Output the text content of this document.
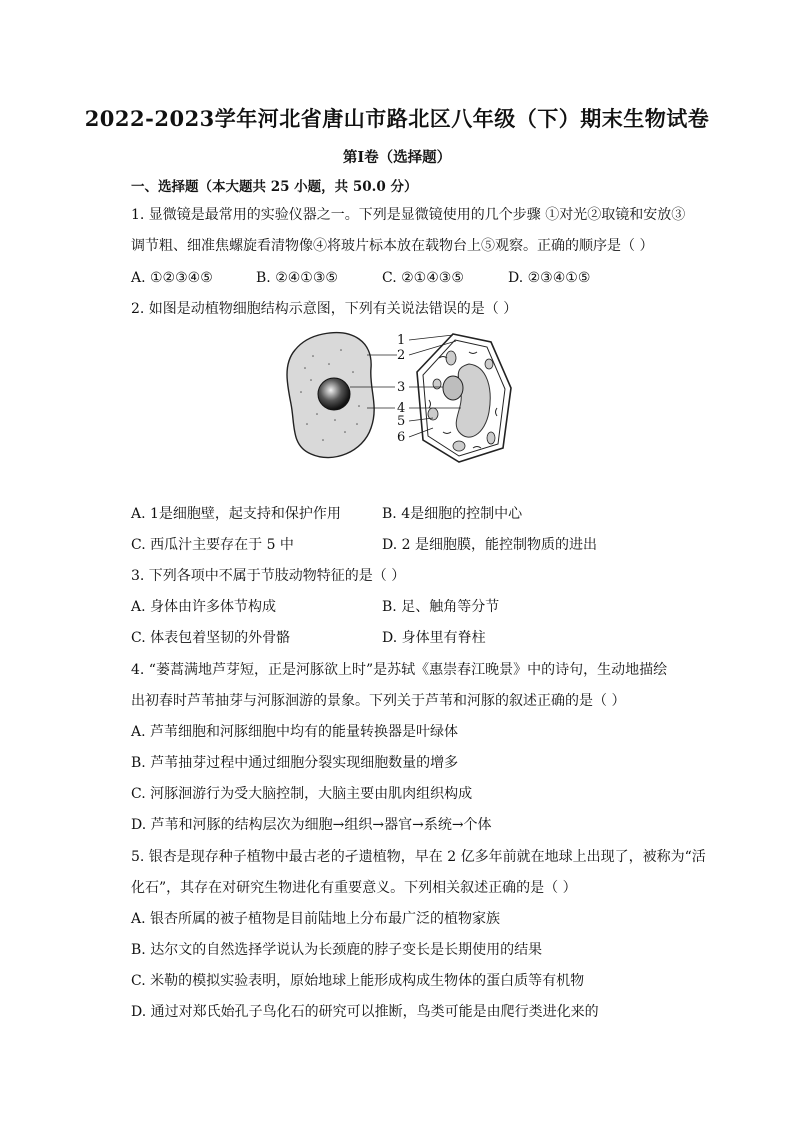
2022-2023学年河北省唐山市路北区八年级（下）期末生物试卷
第Ⅰ卷（选择题）
一、选择题（本大题共 25 小题，共 50.0 分）
1. 显微镜是最常用的实验仪器之一。下列是显微镜使用的几个步骤 ①对光②取镜和安放③
调节粗、细准焦螺旋看清物像④将玻片标本放在载物台上⑤观察。正确的顺序是（ ）
A. ①②③④⑤	B. ②④①③⑤	C. ②①④③⑤	D. ②③④①⑤
2. 如图是动植物细胞结构示意图，下列有关说法错误的是（ ）
1
2
3
4
5
6
A. 1是细胞壁，起支持和保护作用	B. 4是细胞的控制中心
C. 西瓜汁主要存在于 5 中	D. 2 是细胞膜，能控制物质的进出
3. 下列各项中不属于节肢动物特征的是（ ）
A. 身体由许多体节构成	B. 足、触角等分节
C. 体表包着坚韧的外骨骼	D. 身体里有脊柱
4. “蒌蒿满地芦芽短，正是河豚欲上时”是苏轼《惠崇春江晚景》中的诗句，生动地描绘
出初春时芦苇抽芽与河豚洄游的景象。下列关于芦苇和河豚的叙述正确的是（ ）
A. 芦苇细胞和河豚细胞中均有的能量转换器是叶绿体
B. 芦苇抽芽过程中通过细胞分裂实现细胞数量的增多
C. 河豚洄游行为受大脑控制，大脑主要由肌肉组织构成
D. 芦苇和河豚的结构层次为细胞→组织→器官→系统→个体
5. 银杏是现存种子植物中最古老的孑遗植物，早在 2 亿多年前就在地球上出现了，被称为“活
化石”，其存在对研究生物进化有重要意义。下列相关叙述正确的是（ ）
A. 银杏所属的被子植物是目前陆地上分布最广泛的植物家族
B. 达尔文的自然选择学说认为长颈鹿的脖子变长是长期使用的结果
C. 米勒的模拟实验表明，原始地球上能形成构成生物体的蛋白质等有机物
D. 通过对郑氏始孔子鸟化石的研究可以推断，鸟类可能是由爬行类进化来的
